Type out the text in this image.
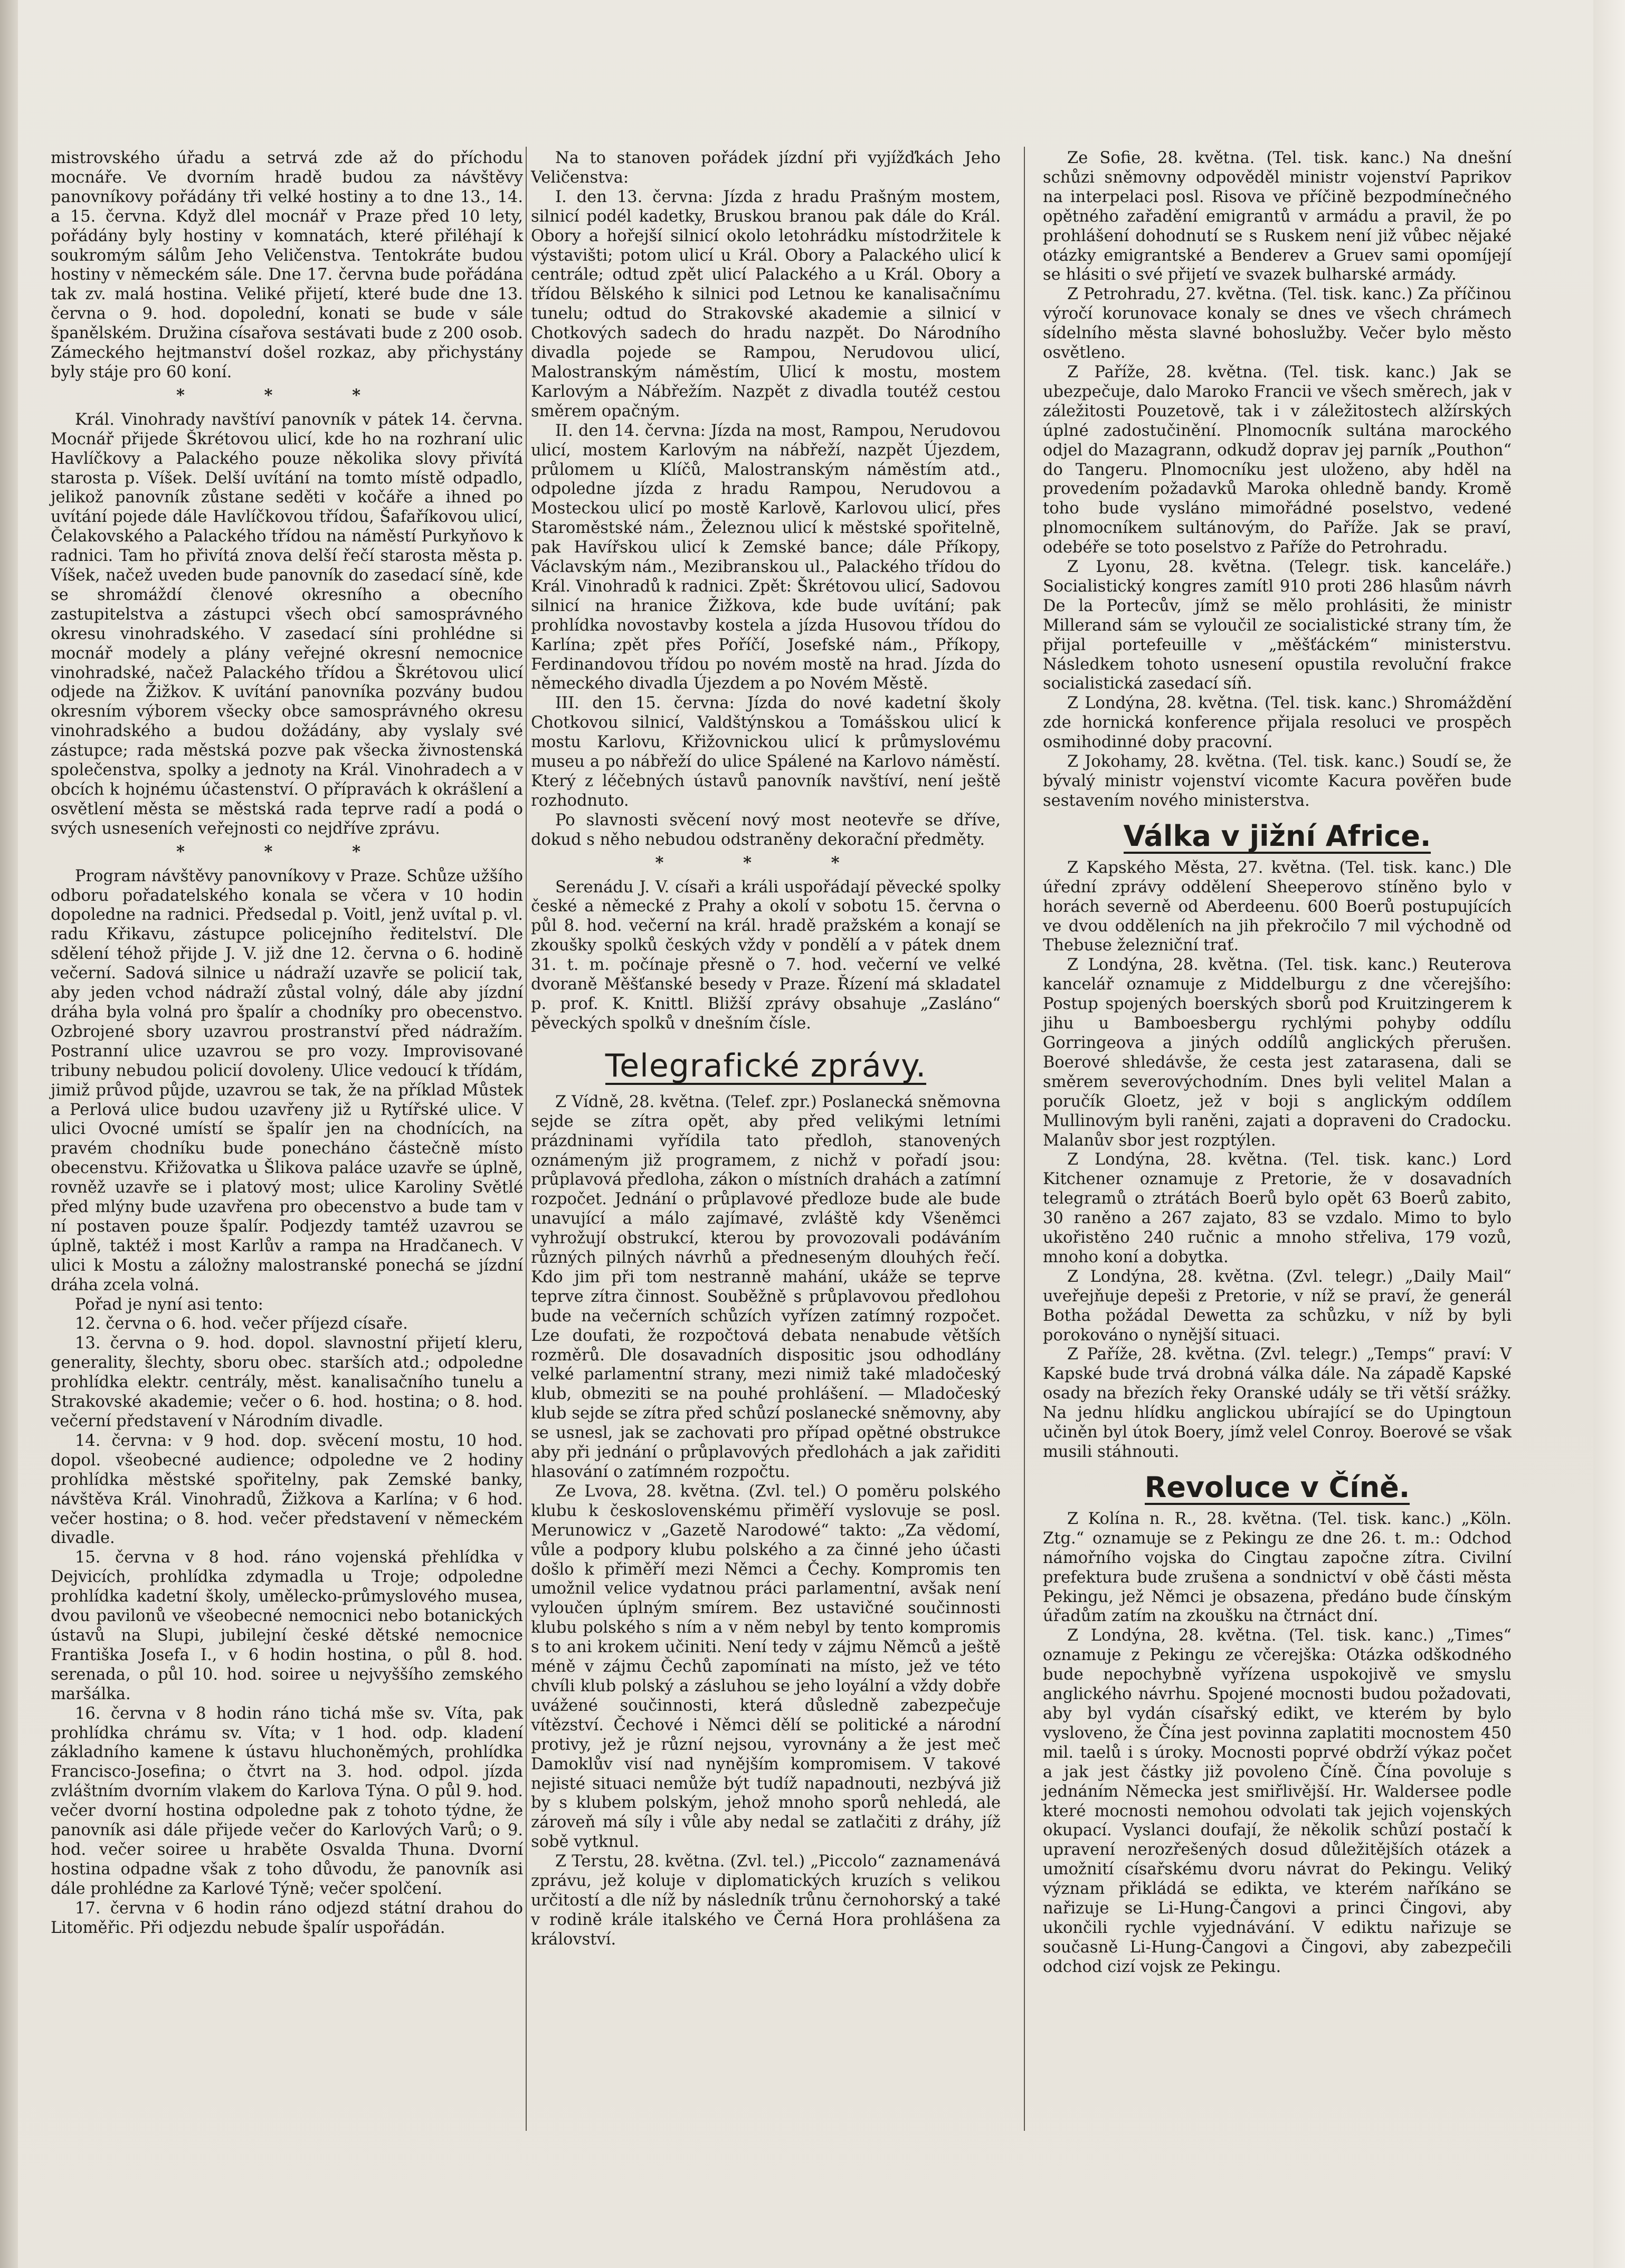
mistrovského úřadu a setrvá zde až do příchodu mocnáře. Ve dvorním hradě budou za návštěvy panovníkovy pořádány tři velké hostiny a to dne 13., 14. a 15. června. Když dlel mocnář v Praze před 10 lety, pořádány byly hostiny v komnatách, které přiléhají k soukromým sálům Jeho Veličenstva. Tentokráte budou hostiny v německém sále. Dne 17. června bude pořádána tak zv. malá hostina. Veliké přijetí, které bude dne 13. června o 9. hod. dopolední, konati se bude v sále španělském. Družina císařova sestávati bude z 200 osob. Zámeckého hejtmanství došel rozkaz, aby přichystány byly stáje pro 60 koní.

* * *

Král. Vinohrady navštíví panovník v pátek 14. června. Mocnář přijede Škrétovou ulicí, kde ho na rozhraní ulic Havlíčkovy a Palackého pouze několika slovy přivítá starosta p. Víšek. Delší uvítání na tomto místě odpadlo, jelikož panovník zůstane seděti v kočáře a ihned po uvítání pojede dále Havlíčkovou třídou, Šafaříkovou ulicí, Čelakovského a Palackého třídou na náměstí Purkyňovo k radnici. Tam ho přivítá znova delší řečí starosta města p. Víšek, načež uveden bude panovník do zasedací síně, kde se shromáždí členové okresního a obecního zastupitelstva a zástupci všech obcí samosprávného okresu vinohradského. V zasedací síni prohlédne si mocnář modely a plány veřejné okresní nemocnice vinohradské, načež Palackého třídou a Škrétovou ulicí odjede na Žižkov. K uvítání panovníka pozvány budou okresním výborem všecky obce samosprávného okresu vinohradského a budou dožádány, aby vyslaly své zástupce; rada městská pozve pak všecka živnostenská společenstva, spolky a jednoty na Král. Vinohradech a v obcích k hojnému účastenství. O přípravách k okrášlení a osvětlení města se městská rada teprve radí a podá o svých usneseních veřejnosti co nejdříve zprávu.

* * *

Program návštěvy panovníkovy v Praze. Schůze užšího odboru pořadatelského konala se včera v 10 hodin dopoledne na radnici. Předsedal p. Voitl, jenž uvítal p. vl. radu Křikavu, zástupce policejního ředitelství. Dle sdělení téhož přijde J. V. již dne 12. června o 6. hodině večerní. Sadová silnice u nádraží uzavře se policií tak, aby jeden vchod nádraží zůstal volný, dále aby jízdní dráha byla volná pro špalír a chodníky pro obecenstvo. Ozbrojené sbory uzavrou prostranství před nádražím. Postranní ulice uzavrou se pro vozy. Improvisované tribuny nebudou policií dovoleny. Ulice vedoucí k třídám, jimiž průvod půjde, uzavrou se tak, že na příklad Můstek a Perlová ulice budou uzavřeny již u Rytířské ulice. V ulici Ovocné umístí se špalír jen na chodnících, na pravém chodníku bude ponecháno částečně místo obecenstvu. Křižovatka u Šlikova paláce uzavře se úplně, rovněž uzavře se i platový most; ulice Karoliny Světlé před mlýny bude uzavřena pro obecenstvo a bude tam v ní postaven pouze špalír. Podjezdy tamtéž uzavrou se úplně, taktéž i most Karlův a rampa na Hradčanech. V ulici k Mostu a záložny malostranské ponechá se jízdní dráha zcela volná.

Pořad je nyní asi tento:

12. června o 6. hod. večer příjezd císaře.

13. června o 9. hod. dopol. slavnostní přijetí kleru, generality, šlechty, sboru obec. starších atd.; odpoledne prohlídka elektr. centrály, měst. kanalisačního tunelu a Strakovské akademie; večer o 6. hod. hostina; o 8. hod. večerní představení v Národním divadle.

14. června: v 9 hod. dop. svěcení mostu, 10 hod. dopol. všeobecné audience; odpoledne ve 2 hodiny prohlídka městské spořitelny, pak Zemské banky, návštěva Král. Vinohradů, Žižkova a Karlína; v 6 hod. večer hostina; o 8. hod. večer představení v německém divadle.

15. června v 8 hod. ráno vojenská přehlídka v Dejvicích, prohlídka zdymadla u Troje; odpoledne prohlídka kadetní školy, umělecko-průmyslového musea, dvou pavilonů ve všeobecné nemocnici nebo botanických ústavů na Slupi, jubilejní české dětské nemocnice Františka Josefa I., v 6 hodin hostina, o půl 8. hod. serenada, o půl 10. hod. soiree u nejvyššího zemského maršálka.

16. června v 8 hodin ráno tichá mše sv. Víta, pak prohlídka chrámu sv. Víta; v 1 hod. odp. kladení základního kamene k ústavu hluchoněmých, prohlídka Francisco-Josefina; o čtvrt na 3. hod. odpol. jízda zvláštním dvorním vlakem do Karlova Týna. O půl 9. hod. večer dvorní hostina odpoledne pak z tohoto týdne, že panovník asi dále přijede večer do Karlových Varů; o 9. hod. večer soiree u hraběte Osvalda Thuna. Dvorní hostina odpadne však z toho důvodu, že panovník asi dále prohlédne za Karlové Týně; večer spolčení.

17. června v 6 hodin ráno odjezd státní drahou do Litoměřic. Při odjezdu nebude špalír uspořádán.

Na to stanoven pořádek jízdní při vyjížďkách Jeho Veličenstva:

I. den 13. června: Jízda z hradu Prašným mostem, silnicí podél kadetky, Bruskou branou pak dále do Král. Obory a hořejší silnicí okolo letohrádku místodržitele k výstavišti; potom ulicí u Král. Obory a Palackého ulicí k centrále; odtud zpět ulicí Palackého a u Král. Obory a třídou Bělského k silnici pod Letnou ke kanalisačnímu tunelu; odtud do Strakovské akademie a silnicí v Chotkových sadech do hradu nazpět. Do Národního divadla pojede se Rampou, Nerudovou ulicí, Malostranským náměstím, Ulicí k mostu, mostem Karlovým a Nábřežím. Nazpět z divadla toutéž cestou směrem opačným.

II. den 14. června: Jízda na most, Rampou, Nerudovou ulicí, mostem Karlovým na nábřeží, nazpět Újezdem, průlomem u Klíčů, Malostranským náměstím atd., odpoledne jízda z hradu Rampou, Nerudovou a Mosteckou ulicí po mostě Karlově, Karlovou ulicí, přes Staroměstské nám., Železnou ulicí k městské spořitelně, pak Havířskou ulicí k Zemské bance; dále Příkopy, Václavským nám., Mezibranskou ul., Palackého třídou do Král. Vinohradů k radnici. Zpět: Škrétovou ulicí, Sadovou silnicí na hranice Žižkova, kde bude uvítání; pak prohlídka novostavby kostela a jízda Husovou třídou do Karlína; zpět přes Poříčí, Josefské nám., Příkopy, Ferdinandovou třídou po novém mostě na hrad. Jízda do německého divadla Újezdem a po Novém Městě.

III. den 15. června: Jízda do nové kadetní školy Chotkovou silnicí, Valdštýnskou a Tomášskou ulicí k mostu Karlovu, Křižovnickou ulicí k průmyslovému museu a po nábřeží do ulice Spálené na Karlovo náměstí. Který z léčebných ústavů panovník navštíví, není ještě rozhodnuto.

Po slavnosti svěcení nový most neotevře se dříve, dokud s něho nebudou odstraněny dekorační předměty.

* * *

Serenádu J. V. císaři a králi uspořádají pěvecké spolky české a německé z Prahy a okolí v sobotu 15. června o půl 8. hod. večerní na král. hradě pražském a konají se zkoušky spolků českých vždy v pondělí a v pátek dnem 31. t. m. počínaje přesně o 7. hod. večerní ve velké dvoraně Měšťanské besedy v Praze. Řízení má skladatel p. prof. K. Knittl. Bližší zprávy obsahuje „Zasláno“ pěveckých spolků v dnešním čísle.

Telegrafické zprávy.

Z Vídně, 28. května. (Telef. zpr.) Poslanecká sněmovna sejde se zítra opět, aby před velikými letními prázdninami vyřídila tato předloh, stanovených oznámeným již programem, z nichž v pořadí jsou: průplavová předloha, zákon o místních drahách a zatímní rozpočet. Jednání o průplavové předloze bude ale bude unavující a málo zajímavé, zvláště kdy Všeněmci vyhrožují obstrukcí, kterou by provozovali podáváním různých pilných návrhů a předneseným dlouhých řečí. Kdo jim při tom nestranně mahání, ukáže se teprve teprve zítra činnost. Souběžně s průplavovou předlohou bude na večerních schůzích vyřízen zatímný rozpočet. Lze doufati, že rozpočtová debata nenabude větších rozměrů. Dle dosavadních dispositic jsou odhodlány velké parlamentní strany, mezi nimiž také mladočeský klub, obmeziti se na pouhé prohlášení. — Mladočeský klub sejde se zítra před schůzí poslanecké sněmovny, aby se usnesl, jak se zachovati pro případ opětné obstrukce aby při jednání o průplavových předlohách a jak zařiditi hlasování o zatímném rozpočtu.

Ze Lvova, 28. května. (Zvl. tel.) O poměru polského klubu k československému přiměří vyslovuje se posl. Merunowicz v „Gazetě Narodowé“ takto: „Za vědomí, vůle a podpory klubu polského a za činné jeho účasti došlo k přiměří mezi Němci a Čechy. Kompromis ten umožnil velice vydatnou práci parlamentní, avšak není vyloučen úplným smírem. Bez ustavičné součinnosti klubu polského s ním a v něm nebyl by tento kompromis s to ani krokem učiniti. Není tedy v zájmu Němců a ještě méně v zájmu Čechů zapomínati na místo, jež ve této chvíli klub polský a zásluhou se jeho loyální a vždy dobře uvážené součinnosti, která důsledně zabezpečuje vítězství. Čechové i Němci dělí se politické a národní protivy, jež je různí nejsou, vyrovnány a že jest meč Damoklův visí nad nynějším kompromisem. V takové nejisté situaci nemůže být tudíž napadnouti, nezbývá již by s klubem polským, jehož mnoho sporů nehledá, ale zároveň má síly i vůle aby nedal se zatlačiti z dráhy, jíž sobě vytknul.

Z Terstu, 28. května. (Zvl. tel.) „Piccolo“ zaznamenává zprávu, jež koluje v diplomatických kruzích s velikou určitostí a dle níž by následník trůnu černohorský a také v rodině krále italského ve Černá Hora prohlášena za království.

Ze Sofie, 28. května. (Tel. tisk. kanc.) Na dnešní schůzi sněmovny odpověděl ministr vojenství Paprikov na interpelaci posl. Risova ve příčině bezpodmínečného opětného zařadění emigrantů v armádu a pravil, že po prohlášení dohodnutí se s Ruskem není již vůbec nějaké otázky emigrantské a Benderev a Gruev sami opomíjejí se hlásiti o své přijetí ve svazek bulharské armády.

Z Petrohradu, 27. května. (Tel. tisk. kanc.) Za příčinou výročí korunovace konaly se dnes ve všech chrámech sídelního města slavné bohoslužby. Večer bylo město osvětleno.

Z Paříže, 28. května. (Tel. tisk. kanc.) Jak se ubezpečuje, dalo Maroko Francii ve všech směrech, jak v záležitosti Pouzetově, tak i v záležitostech alžírských úplné zadostučinění. Plnomocník sultána marockého odjel do Mazagrann, odkudž doprav jej parník „Pouthon“ do Tangeru. Plnomocníku jest uloženo, aby hděl na provedením požadavků Maroka ohledně bandy. Kromě toho bude vysláno mimořádné poselstvo, vedené plnomocníkem sultánovým, do Paříže. Jak se praví, odebéře se toto poselstvo z Paříže do Petrohradu.

Z Lyonu, 28. května. (Telegr. tisk. kanceláře.) Socialistický kongres zamítl 910 proti 286 hlasům návrh De la Portecův, jímž se mělo prohlásiti, že ministr Millerand sám se vyloučil ze socialistické strany tím, že přijal portefeuille v „měšťáckém“ ministerstvu. Následkem tohoto usnesení opustila revoluční frakce socialistická zasedací síň.

Z Londýna, 28. května. (Tel. tisk. kanc.) Shromáždění zde hornická konference přijala resoluci ve prospěch osmihodinné doby pracovní.

Z Jokohamy, 28. května. (Tel. tisk. kanc.) Soudí se, že bývalý ministr vojenství vicomte Kacura pověřen bude sestavením nového ministerstva.

Válka v jižní Africe.

Z Kapského Města, 27. května. (Tel. tisk. kanc.) Dle úřední zprávy oddělení Sheeperovo stíněno bylo v horách severně od Aberdeenu. 600 Boerů postupujících ve dvou odděleních na jih překročilo 7 mil východně od Thebuse železniční trať.

Z Londýna, 28. května. (Tel. tisk. kanc.) Reuterova kancelář oznamuje z Middelburgu z dne včerejšího: Postup spojených boerských sborů pod Kruitzingerem k jihu u Bamboesbergu rychlými pohyby oddílu Gorringeova a jiných oddílů anglických přerušen. Boerové shledávše, že cesta jest zatarasena, dali se směrem severovýchodním. Dnes byli velitel Malan a poručík Gloetz, jež v boji s anglickým oddílem Mullinovým byli raněni, zajati a dopraveni do Cradocku. Malanův sbor jest rozptýlen.

Z Londýna, 28. května. (Tel. tisk. kanc.) Lord Kitchener oznamuje z Pretorie, že v dosavadních telegramů o ztrátách Boerů bylo opět 63 Boerů zabito, 30 raněno a 267 zajato, 83 se vzdalo. Mimo to bylo ukořistěno 240 ručnic a mnoho střeliva, 179 vozů, mnoho koní a dobytka.

Z Londýna, 28. května. (Zvl. telegr.) „Daily Mail“ uveřejňuje depeši z Pretorie, v níž se praví, že generál Botha požádal Dewettа za schůzku, v níž by byli porokováno o nynější situaci.

Z Paříže, 28. května. (Zvl. telegr.) „Temps“ praví: V Kapské bude trvá drobná válka dále. Na západě Kapské osady na březích řeky Oranské udály se tři větší srážky. Na jednu hlídku anglickou ubírající se do Upingtoun učiněn byl útok Boery, jímž velel Conroy. Boerové se však musili stáhnouti.

Revoluce v Číně.

Z Kolína n. R., 28. května. (Tel. tisk. kanc.) „Köln. Ztg.“ oznamuje se z Pekingu ze dne 26. t. m.: Odchod námořního vojska do Cingtau započne zítra. Civilní prefektura bude zrušena a sondnictví v obě části města Pekingu, jež Němci je obsazena, předáno bude čínským úřadům zatím na zkoušku na čtrnáct dní.

Z Londýna, 28. května. (Tel. tisk. kanc.) „Times“ oznamuje z Pekingu ze včerejška: Otázka odškodného bude nepochybně vyřízena uspokojivě ve smyslu anglického návrhu. Spojené mocnosti budou požadovati, aby byl vydán císařský edikt, ve kterém by bylo vysloveno, že Čína jest povinna zaplatiti mocnostem 450 mil. taelů i s úroky. Mocnosti poprvé obdrží výkaz počet a jak jest částky již povoleno Číně. Čína povoluje s jednáním Německa jest smiřlivější. Hr. Waldersee podle které mocnosti nemohou odvolati tak jejich vojenských okupací. Vyslanci doufají, že několik schůzí postačí k upravení nerozřešených dosud důležitějších otázek a umožnití císařskému dvoru návrat do Pekingu. Veliký význam přikládá se edikta, ve kterém naříkáno se nařizuje se Li-Hung-Čangovi a princi Čingovi, aby ukončili rychle vyjednávání. V ediktu nařizuje se současně Li-Hung-Čangovi a Čingovi, aby zabezpečili odchod cizí vojsk ze Pekingu.
